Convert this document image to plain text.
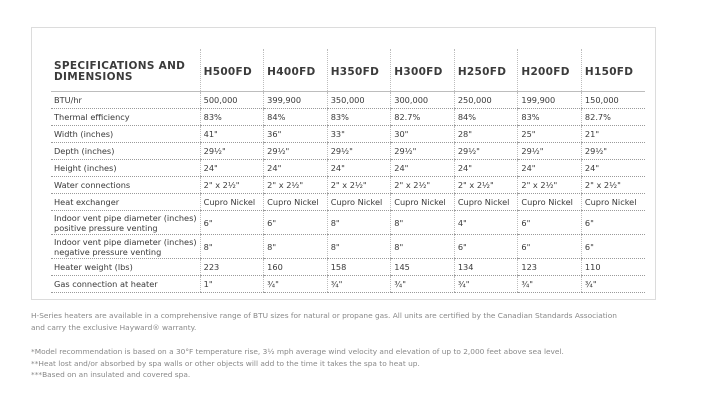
SPECIFICATIONS AND DIMENSIONS	H500FD	H400FD	H350FD	H300FD	H250FD	H200FD	H150FD
BTU/hr	500,000	399,900	350,000	300,000	250,000	199,900	150,000
Thermal efficiency	83%	84%	83%	82.7%	84%	83%	82.7%
Width (inches)	41"	36"	33"	30"	28"	25"	21"
Depth (inches)	29½"	29½"	29½"	29½"	29½"	29½"	29½"
Height (inches)	24"	24"	24"	24"	24"	24"	24"
Water connections	2" x 2½"	2" x 2½"	2" x 2½"	2" x 2½"	2" x 2½"	2" x 2½"	2" x 2½"
Heat exchanger	Cupro Nickel	Cupro Nickel	Cupro Nickel	Cupro Nickel	Cupro Nickel	Cupro Nickel	Cupro Nickel
Indoor vent pipe diameter (inches) positive pressure venting	6"	6"	8"	8"	4"	6"	6"
Indoor vent pipe diameter (inches) negative pressure venting	8"	8"	8"	8"	6"	6"	6"
Heater weight (lbs)	223	160	158	145	134	123	110
Gas connection at heater	1"	¾"	¾"	¾"	¾"	¾"	¾"

H-Series heaters are available in a comprehensive range of BTU sizes for natural or propane gas. All units are certified by the Canadian Standards Association

and carry the exclusive Hayward® warranty.

*Model recommendation is based on a 30°F temperature rise, 3½ mph average wind velocity and elevation of up to 2,000 feet above sea level.

**Heat lost and/or absorbed by spa walls or other objects will add to the time it takes the spa to heat up.

***Based on an insulated and covered spa.
